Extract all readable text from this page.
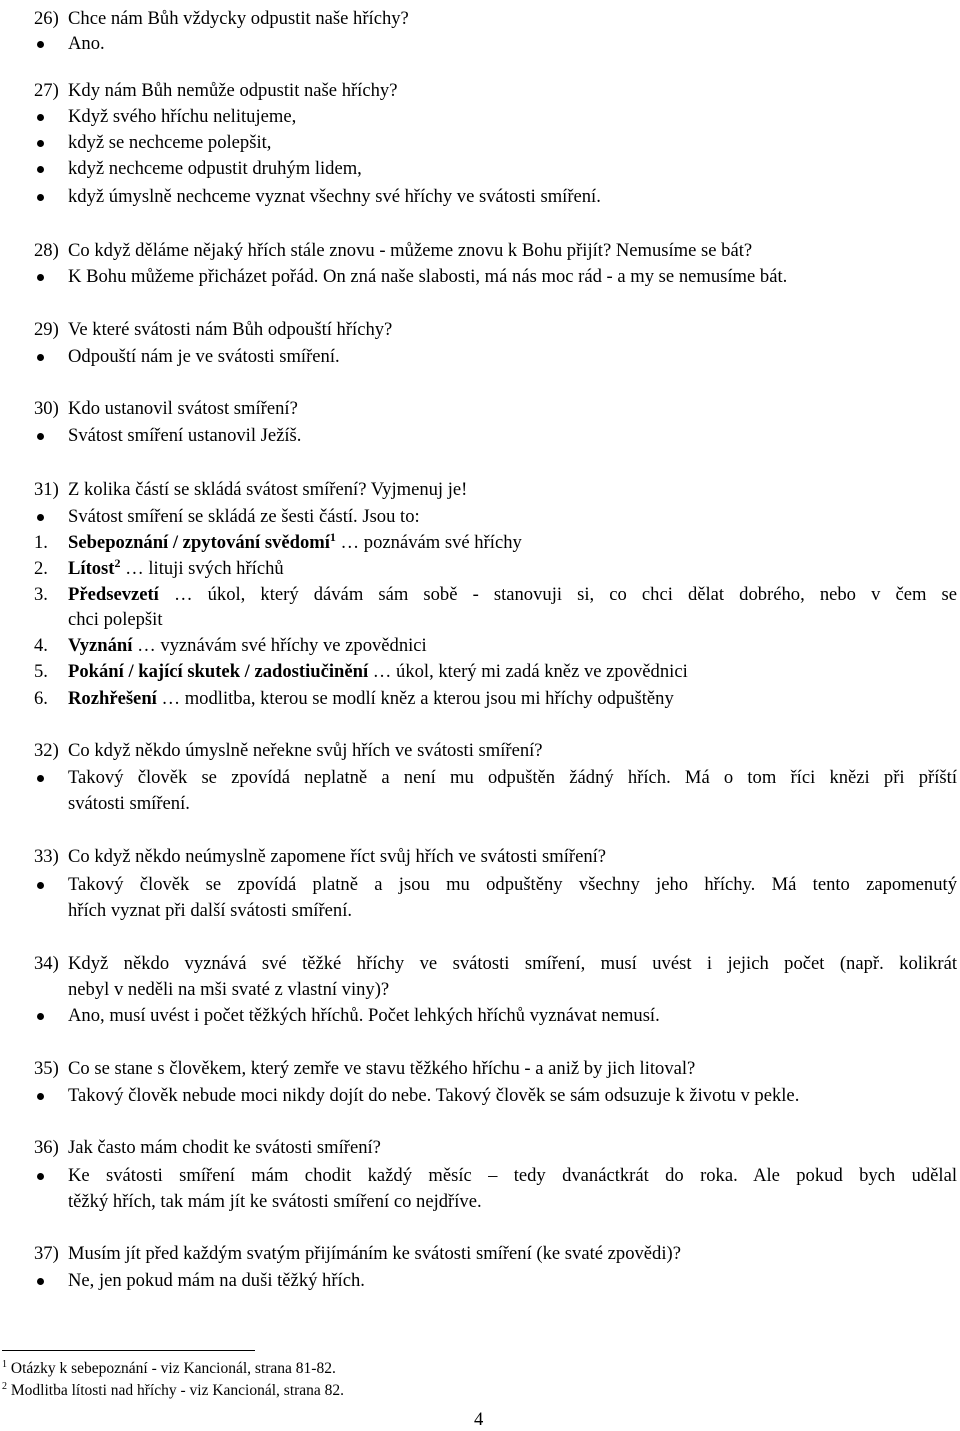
26) Chce nám Bůh vždycky odpustit naše hříchy?
Ano.
27) Kdy nám Bůh nemůže odpustit naše hříchy?
Když svého hříchu nelitujeme,
když se nechceme polepšit,
když nechceme odpustit druhým lidem,
když úmyslně nechceme vyznat všechny své hříchy ve svátosti smíření.
28) Co když děláme nějaký hřích stále znovu - můžeme znovu k Bohu přijít? Nemusíme se bát?
K Bohu můžeme přicházet pořád. On zná naše slabosti, má nás moc rád - a my se nemusíme bát.
29) Ve které svátosti nám Bůh odpouští hříchy?
Odpouští nám je ve svátosti smíření.
30) Kdo ustanovil svátost smíření?
Svátost smíření ustanovil Ježíš.
31) Z kolika částí se skládá svátost smíření? Vyjmenuj je!
Svátost smíření se skládá ze šesti částí. Jsou to:
1. Sebepoznání / zpytování svědomí$^1$ … poznávám své hříchy
2. Lítost$^2$ … lituji svých hříchů
3. Předsevzetí … úkol, který dávám sám sobě - stanovuji si, co chci dělat dobrého, nebo v čem se
chci polepšit
4. Vyznání … vyznávám své hříchy ve zpovědnici
5. Pokání / kající skutek / zadostiučinění … úkol, který mi zadá kněz ve zpovědnici
6. Rozhřešení … modlitba, kterou se modlí kněz a kterou jsou mi hříchy odpuštěny
32) Co když někdo úmyslně neřekne svůj hřích ve svátosti smíření?
Takový člověk se zpovídá neplatně a není mu odpuštěn žádný hřích. Má o tom říci knězi při příští
svátosti smíření.
33) Co když někdo neúmyslně zapomene říct svůj hřích ve svátosti smíření?
Takový člověk se zpovídá platně a jsou mu odpuštěny všechny jeho hříchy. Má tento zapomenutý
hřích vyznat při další svátosti smíření.
34) Když někdo vyznává své těžké hříchy ve svátosti smíření, musí uvést i jejich počet (např. kolikrát
nebyl v neděli na mši svaté z vlastní viny)?
Ano, musí uvést i počet těžkých hříchů. Počet lehkých hříchů vyznávat nemusí.
35) Co se stane s člověkem, který zemře ve stavu těžkého hříchu - a aniž by jich litoval?
Takový člověk nebude moci nikdy dojít do nebe. Takový člověk se sám odsuzuje k životu v pekle.
36) Jak často mám chodit ke svátosti smíření?
Ke svátosti smíření mám chodit každý měsíc – tedy dvanáctkrát do roka. Ale pokud bych udělal
těžký hřích, tak mám jít ke svátosti smíření co nejdříve.
37) Musím jít před každým svatým přijímáním ke svátosti smíření (ke svaté zpovědi)?
Ne, jen pokud mám na duši těžký hřích.
$^1$ Otázky k sebepoznání - viz Kancionál, strana 81-82.
$^2$ Modlitba lítosti nad hříchy - viz Kancionál, strana 82.
4
